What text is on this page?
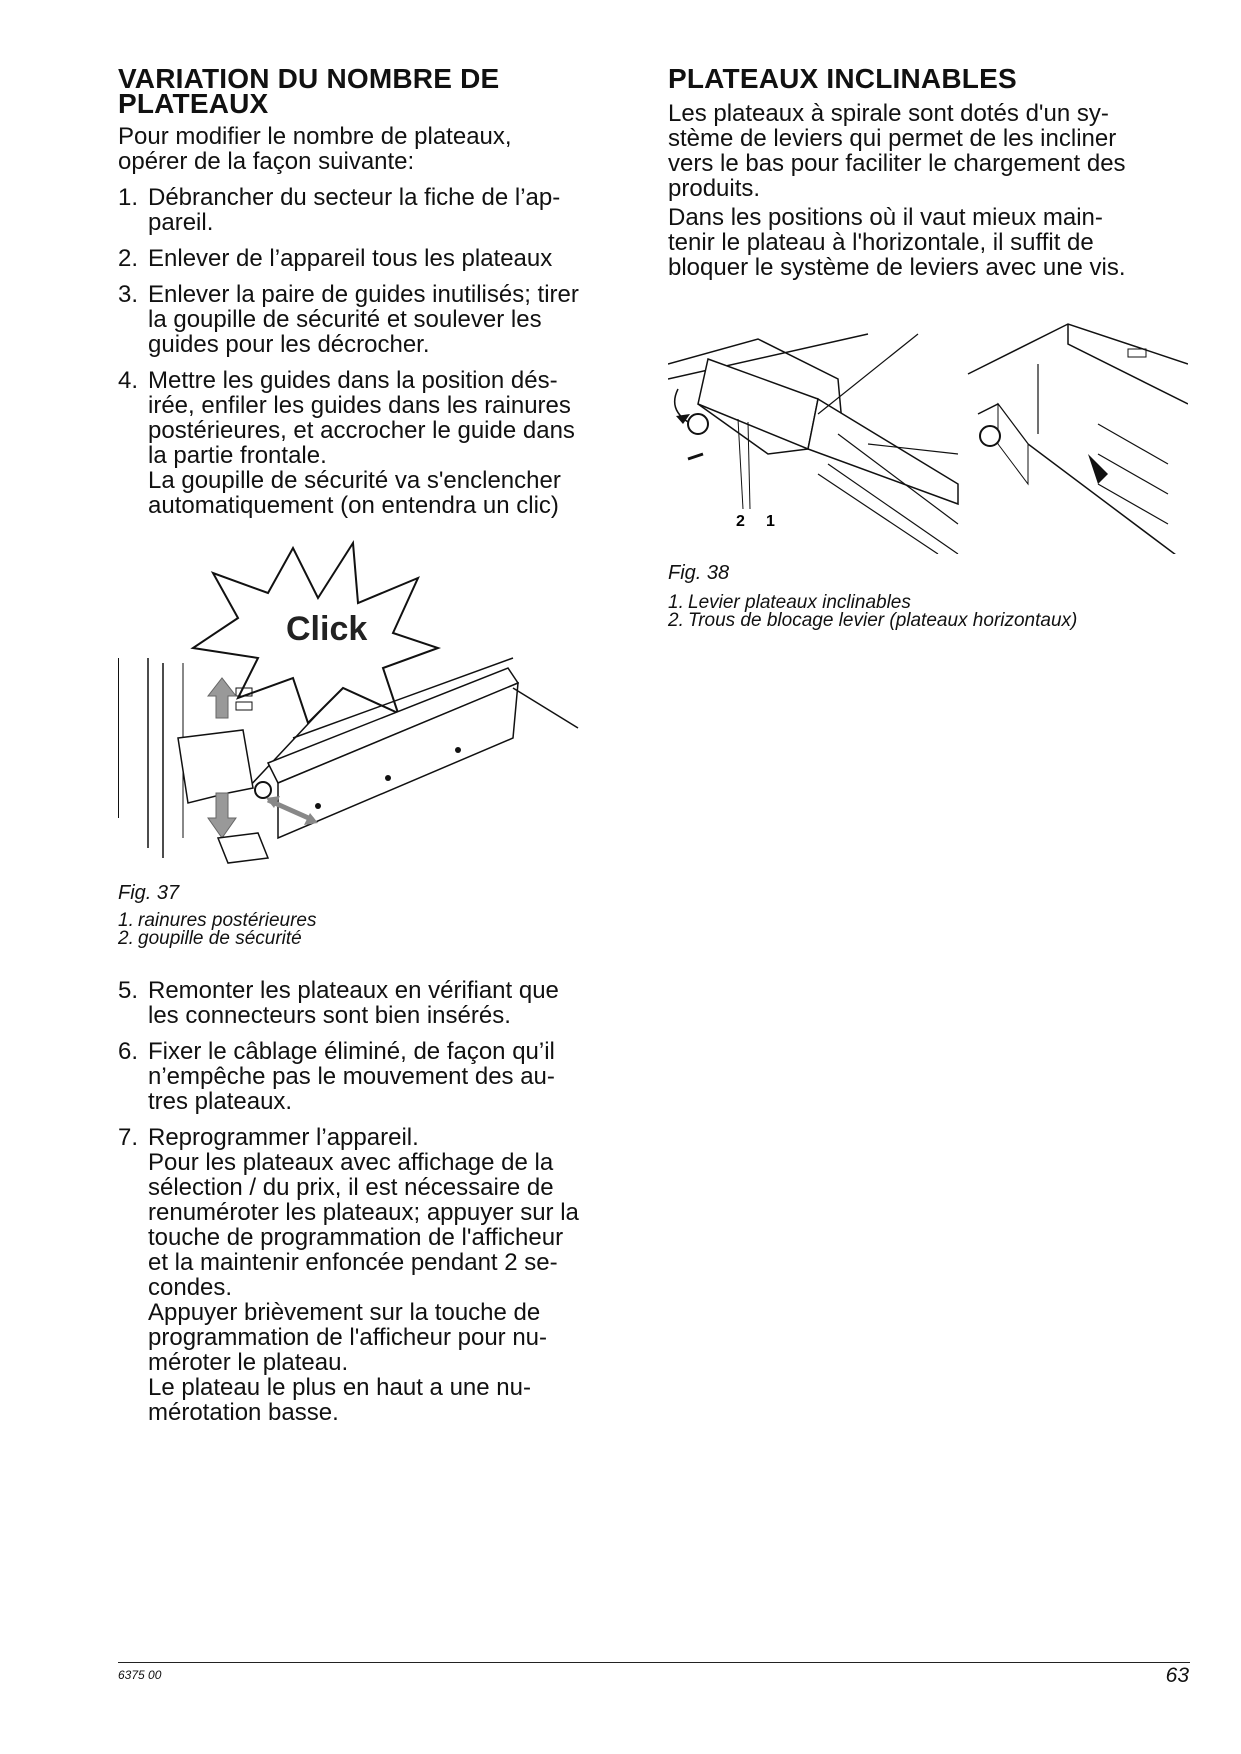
VARIATION DU NOMBRE DE
PLATEAUX

Pour modifier le nombre de plateaux,

opérer de la façon suivante:

1. Débrancher du secteur la fiche de l’ap-
pareil.
2. Enlever de l’appareil tous les plateaux
3. Enlever la paire de guides inutilisés; tirer
la goupille de sécurité et soulever les
guides pour les décrocher.
4. Mettre les guides dans la position dés-
irée, enfiler les guides dans les rainures
postérieures, et accrocher le guide dans
la partie frontale.
La goupille de sécurité va s'enclencher
automatiquement (on entendra un clic)
Click

Fig. 37

1. rainures postérieures

2. goupille de sécurité

5. Remonter les plateaux en vérifiant que
les connecteurs sont bien insérés.
6. Fixer le câblage éliminé, de façon qu’il
n’empêche pas le mouvement des au-
tres plateaux.
7. Reprogrammer l’appareil.
Pour les plateaux avec affichage de la
sélection / du prix, il est nécessaire de
renuméroter les plateaux; appuyer sur la
touche de programmation de l'afficheur
et la maintenir enfoncée pendant 2 se-
condes.
Appuyer brièvement sur la touche de
programmation de l'afficheur pour nu-
méroter le plateau.
Le plateau le plus en haut a une nu-
mérotation basse.
PLATEAUX INCLINABLES

Les plateaux à spirale sont dotés d'un sy-

stème de leviers qui permet de les incliner

vers le bas pour faciliter le chargement des

produits.

Dans les positions où il vaut mieux main-

tenir le plateau à l'horizontale, il suffit de

bloquer le système de leviers avec une vis.

2 1

Fig. 38

1. Levier plateaux inclinables

2. Trous de blocage levier (plateaux horizontaux)

6375 00	63
